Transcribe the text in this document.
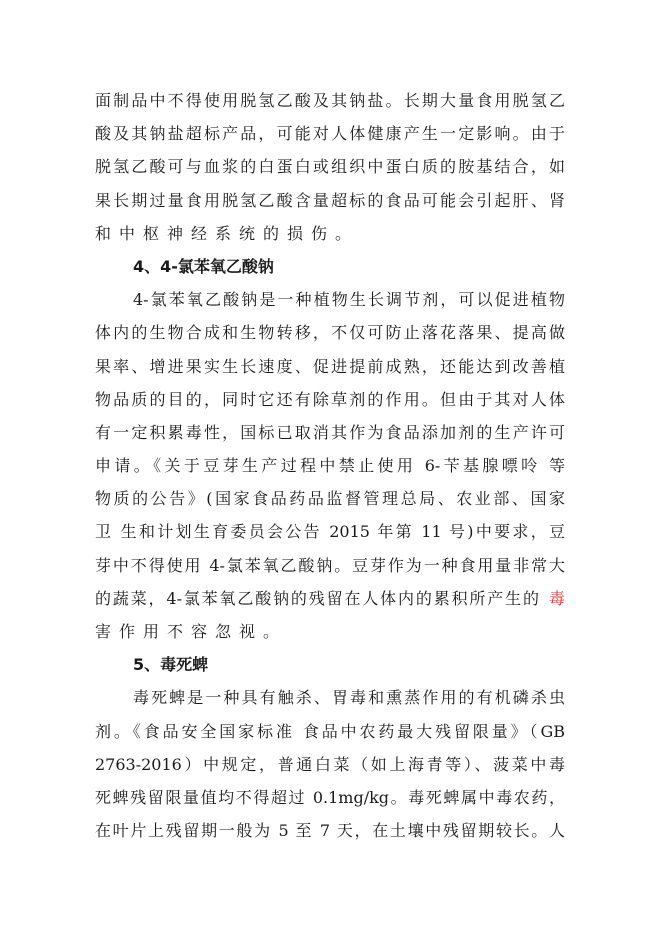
面制品中不得使用脱氢乙酸及其钠盐。长期大量食用脱氢乙
酸及其钠盐超标产品，可能对人体健康产生一定影响。由于
脱氢乙酸可与血浆的白蛋白或组织中蛋白质的胺基结合，如
果长期过量食用脱氢乙酸含量超标的食品可能会引起肝、肾
和中枢神经系统的损伤。
4、4-氯苯氧乙酸钠
4-氯苯氧乙酸钠是一种植物生长调节剂，可以促进植物
体内的生物合成和生物转移，不仅可防止落花落果、提高做
果率、增进果实生长速度、促进提前成熟，还能达到改善植
物品质的目的，同时它还有除草剂的作用。但由于其对人体
有一定积累毒性，国标已取消其作为食品添加剂的生产许可
申请。《关于豆芽生产过程中禁止使用 6-苄基腺嘌呤 等
物质的公告》(国家食品药品监督管理总局、农业部、国家
卫 生和计划生育委员会公告 2015 年第 11 号)中要求，豆
芽中不得使用 4-氯苯氧乙酸钠。豆芽作为一种食用量非常大
的蔬菜，4-氯苯氧乙酸钠的残留在人体内的累积所产生的 毒
害作用不容忽视。
5、毒死蜱
毒死蜱是一种具有触杀、胃毒和熏蒸作用的有机磷杀虫
剂。《食品安全国家标准 食品中农药最大残留限量》（GB
2763-2016）中规定，普通白菜（如上海青等）、菠菜中毒
死蜱残留限量值均不得超过 0.1mg/kg。毒死蜱属中毒农药，
在叶片上残留期一般为 5 至 7 天，在土壤中残留期较长。人
